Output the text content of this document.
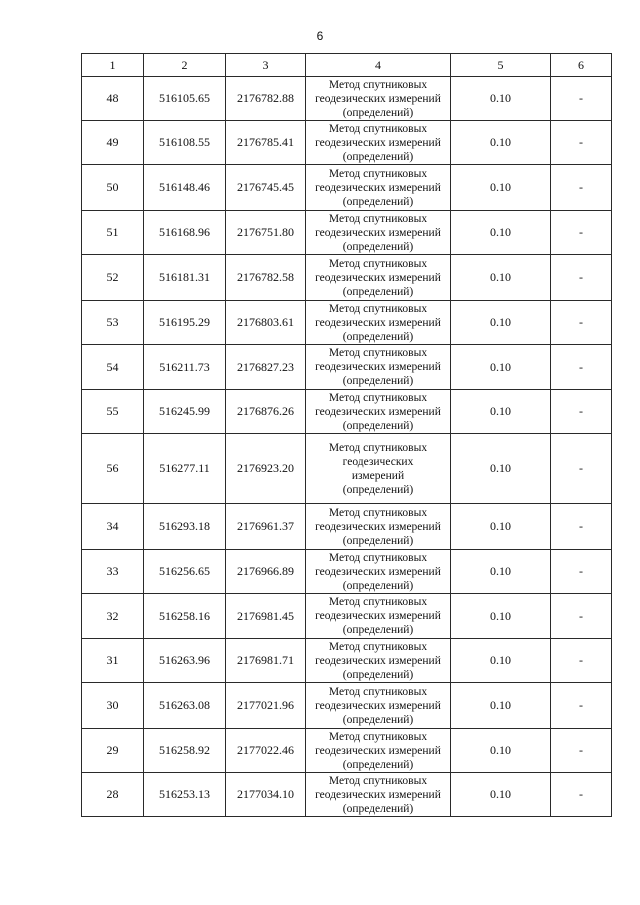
6
1	2	3	4	5	6
48	516105.65	2176782.88	Метод спутниковых
геодезических измерений
(определений)	0.10	-
49	516108.55	2176785.41	Метод спутниковых
геодезических измерений
(определений)	0.10	-
50	516148.46	2176745.45	Метод спутниковых
геодезических измерений
(определений)	0.10	-
51	516168.96	2176751.80	Метод спутниковых
геодезических измерений
(определений)	0.10	-
52	516181.31	2176782.58	Метод спутниковых
геодезических измерений
(определений)	0.10	-
53	516195.29	2176803.61	Метод спутниковых
геодезических измерений
(определений)	0.10	-
54	516211.73	2176827.23	Метод спутниковых
геодезических измерений
(определений)	0.10	-
55	516245.99	2176876.26	Метод спутниковых
геодезических измерений
(определений)	0.10	-
56	516277.11	2176923.20	Метод спутниковых
геодезических
измерений
(определений)	0.10	-
34	516293.18	2176961.37	Метод спутниковых
геодезических измерений
(определений)	0.10	-
33	516256.65	2176966.89	Метод спутниковых
геодезических измерений
(определений)	0.10	-
32	516258.16	2176981.45	Метод спутниковых
геодезических измерений
(определений)	0.10	-
31	516263.96	2176981.71	Метод спутниковых
геодезических измерений
(определений)	0.10	-
30	516263.08	2177021.96	Метод спутниковых
геодезических измерений
(определений)	0.10	-
29	516258.92	2177022.46	Метод спутниковых
геодезических измерений
(определений)	0.10	-
28	516253.13	2177034.10	Метод спутниковых
геодезических измерений
(определений)	0.10	-
